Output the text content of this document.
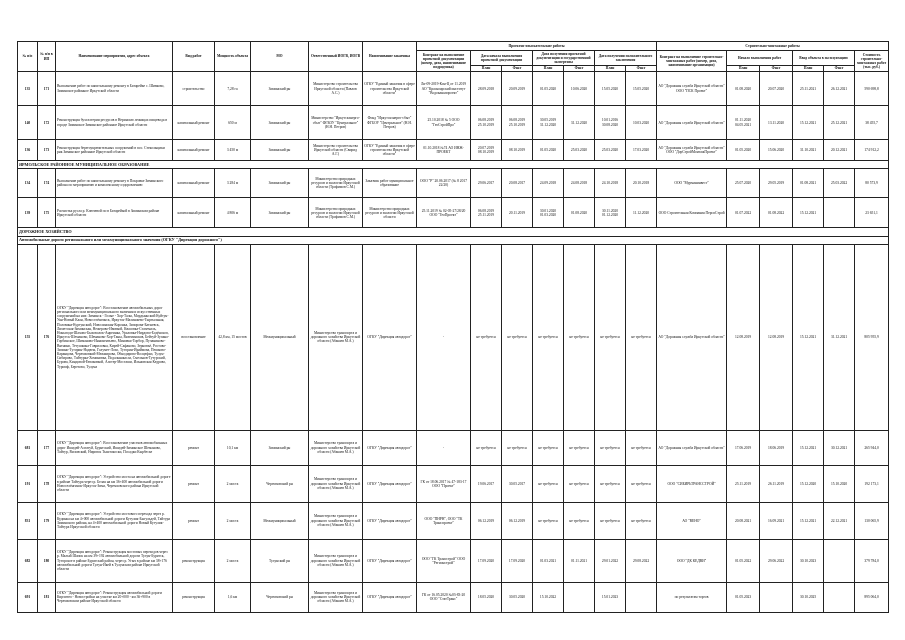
№ п/п	№ п/п в ИП	Наименование мероприятия, адрес объекта	Вид работ	Мощность объекта	МО	Ответственный ИОГВ, ИОГВ	Наименование заказчика	Проектно-изыскательские работы							Строительно-монтажные работы					
								Контракт на выполнение проектной документации (номер, дата, наименование подрядчика)	Дата начала выполнения проектной документации		Дата получения проектной документации и государственной экспертизы		Дата получения положительного заключения		Контракт на выполнение строительно-монтажных работ (номер, дата, наименование организации)	Начало выполнения работ		Ввод объекта в эксплуатацию		Стоимость строительно-монтажных работ (тыс. руб.)
									План	Факт	План	Факт	План	Факт		План	Факт	План	Факт	
135	171	Выполнение работ по капитальному ремонту в Батарейке с. Шивково, Зиминское районное Иркутской области	строительство	7,28 га	Зиминский рн	Министерство строительства Иркутской области (Павлов А.С.)	ОГКУ "Единый заказчик в сфере строительства Иркутской области"	Ли-09-2019-Кон-Ц от 11.2019 АО "Красноярский институт "Водоканалпроект"	28.09.2018	20.09.2019	01.05.2020	10.06.2020	15.05.2020	15.05.2020	АО "Дорожная служба Иркутской области" ООО "ПСК Проект"	01.08.2020	20.07.2020	25.11.2021	26.12.2021	590 698,8
140	172	Реконструкция бухгалтерии ресурсов в Неринскю лежищах пищевода в городе Зиминское Зиминское районное Иркутской области	капитальный ремонт	650 м	Зиминский рн	Министерство "Иркутскэнерго-сбыт" ФГБОУ "Центральное" (Н.Н. Петров)	Фонд "Иркутскэнерго-сбыт" ФГБОУ "Центральное" (Н.Н. Петров)	25.10.2018 № 5 ООО "ГеоСтройПро"	06.08.2019 25.10.2019	06.08.2019 25.10.2019	30.05.2019 31.12.2020	31.12.2020	10.01.2016 30.08.2020	10.03.2020	АО "Дорожная служба Иркутской области"	01.11.2020 04.05.2021	13.11.2020	15.12.2021	25.12.2021	38 455,7
136	173	Реконструкция берегоукрепительных сооружений в пос. Стекольщики рнк Зиминское районное Иркутской области	капитальный ремонт	3 450 м	Зиминский рн	Министерство строительства Иркутской области (Свирид А.Г.)	ОГКУ "Единый заказчик в сфере строительства Иркутской области"	01.10.2018 №74 АО ИНЖ-ПРОЕКТ	20.07.2019 08.10.2019	08.10.2019	01.05.2020	25.03.2020	25.03.2020	17.03.2020	АО "Дорожная служба Иркутской области" ООО "ДорСтройМонтажПроект"	01.05.2020	15.06.2020	31.10.2021	20.12.2021	174 912,2
ЯРМОЛЬСКОЕ РАЙОННОЕ МУНИЦИПАЛЬНОЕ ОБРАЗОВАНИЕ																				
134	174	Выполнение работ по капитальному ремонту в Покровке Зиминского района по мероприятию и комплексному оздоровлению	капитальный ремонт	3 284 м	Зиминский рн	Министерство природных ресурсов и экологии Иркутской области (Трофимов С.М.)	Заказчик работ муниципальное образование	ООО "Р" 20.06.2017 (№ 8 2017 22/20)	29.06.2017	20.08.2017	24.09.2018	24.08.2018	24.10.2018	20.10.2018	ООО "Мурманинвест"	25.07.2020	29.05.2019	01.08.2021	25.03.2022	80 573,9
139	175	Расчистка русла р. Ключевой по в Батарейкой в Зиминском районе Иркутской области	капитальный ремонт	4 806 м	Зиминский рн	Министерство природных ресурсов и экологии Иркутской области (Трофимов С.М.)	Министерство природных ресурсов и экологии Иркутской области	25.11.2019 № 02-05-27/28/20 ООО "ГеоПроект"	06.08.2019 25.11.2019	20.11.2019	30.01.2020 01.03.2020	01.08.2020	30.11.2020 01.12.2020	11.12.2020	ООО Строительная Компания ПерспСтрой	01.07.2022	01.08.2022	15.12.2021		23 651,1
ДОРОЖНОЕ ХОЗЯЙСТВО																				
Автомобильные дороги регионального или межмуниципального значения (ОГКУ "Дирекция дорожного")																				
155	176	ОГКУ "Дирекция автодорог": Восстановление автомобильных дорог регионального или межмуниципального значения и искусственных сооружений на них: Зиминск - Голые - Хор-Талы, Мордыньский Куйтун-Уян-Новый Каан, Новоселёнгинск, Иркутск-Малинжево-Тыртыльная, Половина-Куртунский, Новолинская-Коронка, Зипорова-Батыевск, Лиметская-Зиминская, Нежерово-Ивовкой, Квасовка-Стахемаль, Ноныгоди-Шахово-Быховолок-Анреинка, Ураловка-Нирдово-Бодёнскоп, Иркутск-Шеманово, Шеманово-Хор-Таны, Вяземинсков, Бейтуй-Зупано-Горбинское, Шиманово-Иннокентьево, Миновка-Торбор, Пучаниново-Вятнино, Тетушкина-Гавриловка, Кирей-Сафаново, Зерновьё, Ростово-Зипино-Туторин-Надвеж, Голумет-Лохо, Туторин-Ираймова, Пешково-Каранцова, Черемховкий-Межжирова, Обнодирово-Волцефил, Тулун-Сибирово, Тайтурка-Хоминовка, Подальнякасла, Смельков-Тутурский, Бурова, Киндовой-Евтаковкой, Алотер-Мосташи, Ильновская Кедрово, Турмоф, Березово, Тулуна	восстановление	42,8 км, 15 мостов	Межмуниципальный	Министерство транспорта и дорожного хозяйства Иркутской области (Абакаев М.А.)	ОГКУ "Дирекция автодорог"	-	не требуется	не требуется	не требуется	не требуется	не требуется	не требуется	АО "Дорожная служба Иркутской области"	12.08.2019	12.08.2019	15.12.2021	31.12.2021	805 955,9
681	177	ОГКУ "Дирекция автодорог": Восстановление участков автомобильных дорог Ишидей-Алгатуй, Бурятский, Ишидей-Зиминское Шеманово, Тайтур, Виловский, Нировск Тыштокоски, Посадки Кырбеске	ремонт	10,1 км	Зиминский рн	Министерство транспорта и дорожного хозяйства Иркутской области (Абакаев М.А.)	ОГКУ "Дирекция автодорог"	-	не требуется	не требуется	не требуется	не требуется	не требуется	не требуется	АО "Дорожная служба Иркутской области"	17.06.2019	18.06.2019	15.12.2021	30.12.2021	265 944,0
191	178	ОГКУ "Дирекция автодорог": Устройство моста на автомобильной дороге в районе Тайтура через р. Белая на км 36+400 автомобильной дороги Новоселёнгинск-Иркутск-Зима, Черемховского района Иркутской области	ремонт	2 моста	Черемховский рн	Министерство транспорта и дорожного хозяйства Иркутской области (Абакаев М.А.)	ОГКУ "Дирекция автодорог"	ГК от 18.06.2017 № 47-183-17 ООО "Проект"	19.06.2017	30.05.2017	не требуется	не требуется	не требуется	не требуется	ООО "СИБИРЬТРАНССТРОЙ"	25.11.2019	26.11.2019	15.12.2020	15.10.2020	192 173,1
831	179	ОГКУ "Дирекция автодорог": Устройство мостового перехода через р. Кудинка на км 4+000 автомобильной дороги Кутулик-Быгульдей, Тайтура Зиминского района, на 4+400 автомобильной дороги Новый Кутулик-Тайтура Иркутской области	ремонт	2 моста	Межмуниципальный	Министерство транспорта и дорожного хозяйства Иркутской области (Абакаев М.А.)	ОГКУ "Дирекция автодорог"	ООО "ПНРН", ООО "ТК Транспроект"	06.12.2019	06.12.2019	не требуется	не требуется	не требуется	не требуется	АО "ВЕНО"	20.08.2021	16.09.2021	15.12.2021	22.12.2021	130 065,9
682	180	ОГКУ "Дирекция автодорог": Реконструкция мостовых переходов через р. Малый Шапок на км 39+192 автомобильной дороги Тулун-Бурятск, Туторское в районе Бурятский район, через р. Угыч в районе км 38+176 автомобильной дороги Тулун-Икей в Тулунском районе Иркутской области	реконструкция	2 моста	Тулунский рн	Министерство транспорта и дорожного хозяйства Иркутской области (Абакаев М.А.)	ОГКУ "Дирекция автодорог"	ООО "ГК Трансстрой" ООО "Регионстрой"	17.09.2020	17.09.2020	01.03.2021	01.11.2021	29.01.2022	29.08.2022	ООО "ДК КЕДВИ"	01.05.2022	29.06.2022	30.10.2023		379 784,0
691	181	ОГКУ "Дирекция автодорог": Реконструкция автомобильной дороги Кирзитеп - Новостройки на участке км 20+000 - км 36+900 в Черемховском районе Иркутской области	реконструкция	1,6 км	Черемховский рн	Министерство транспорта и дорожного хозяйства Иркутской области (Абакаев М.А.)	ОГКУ "Дирекция автодорог"	ГК от 16.05.2020 №03-83-20 ООО "СтатТранс"	18.05.2020	30.05.2020	15.10.2022		15.01.2023		по результатам торгов	01.05.2023		30.10.2025		895 064,0
